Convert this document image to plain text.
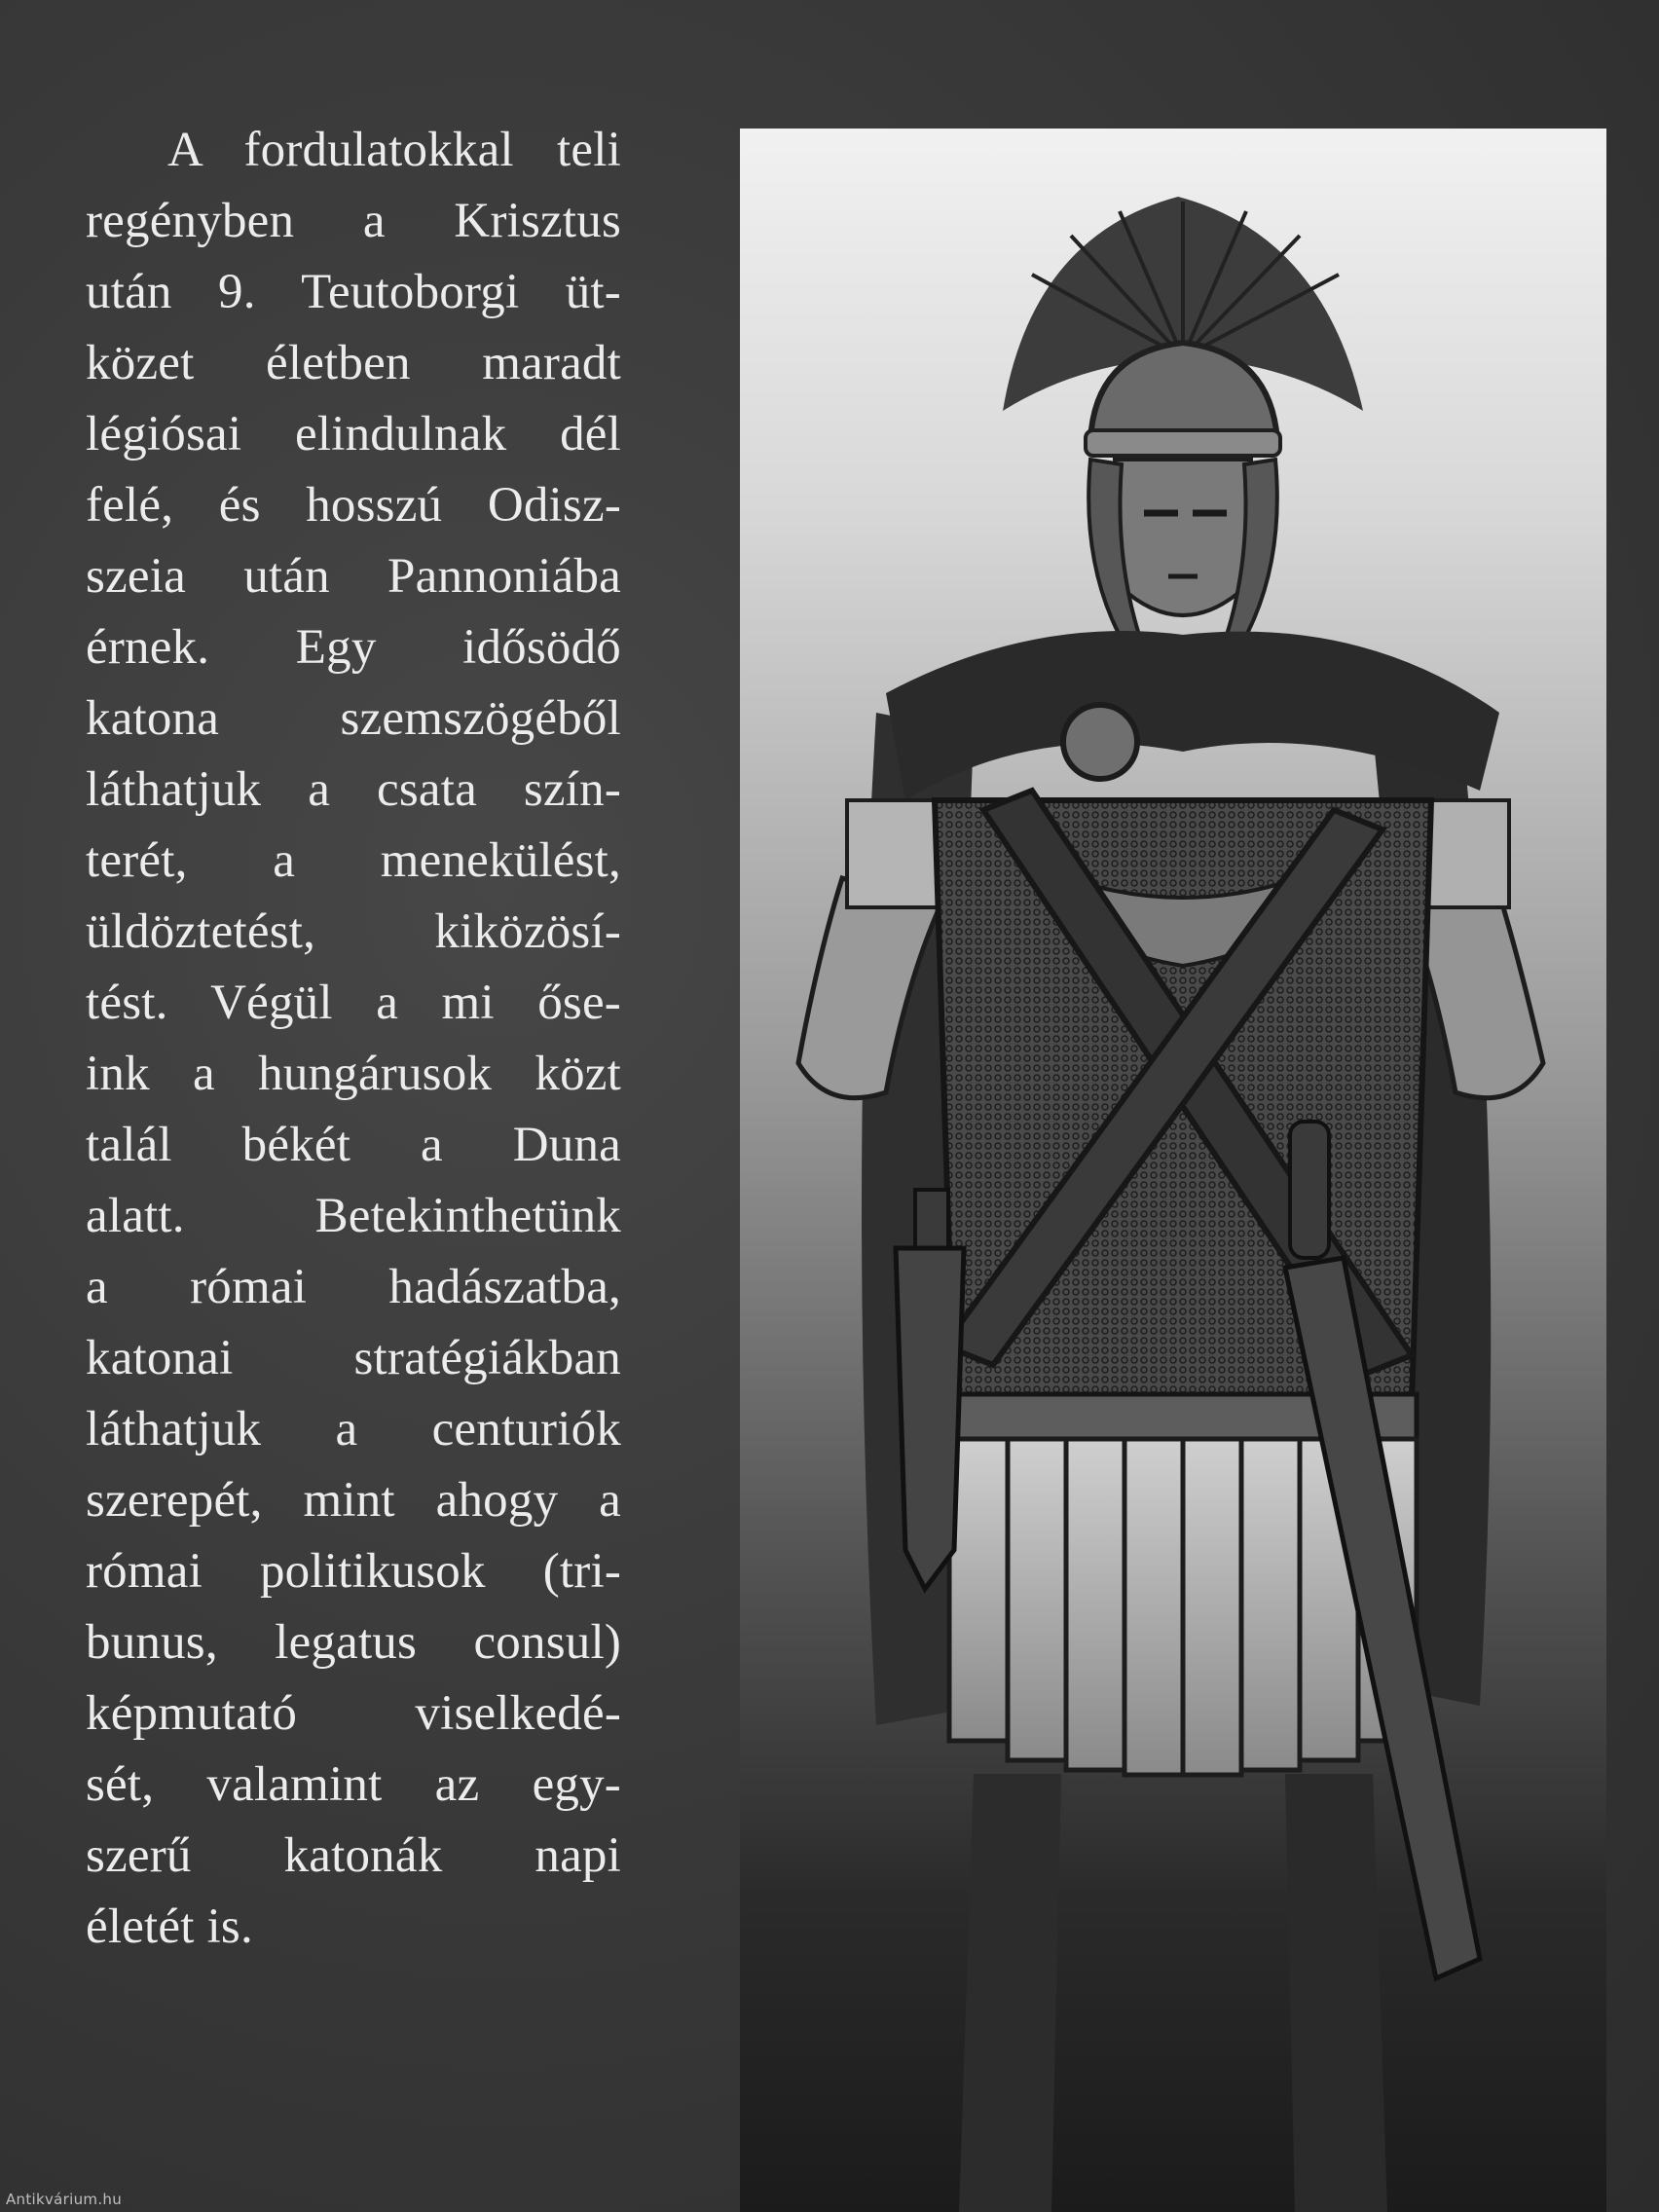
A fordulatokkal teli
regényben a Krisztus
után 9. Teutoborgi üt-
közet életben maradt
légiósai elindulnak dél
felé, és hosszú Odisz-
szeia után Pannoniába
érnek. Egy idősödő
katona szemszögéből
láthatjuk a csata szín-
terét, a menekülést,
üldöztetést, kiközösí-
tést. Végül a mi őse-
ink a hungárusok közt
talál békét a Duna
alatt. Betekinthetünk
a római hadászatba,
katonai stratégiákban
láthatjuk a centuriók
szerepét, mint ahogy a
római politikusok (tri-
bunus, legatus consul)
képmutató viselkedé-
sét, valamint az egy-
szerű katonák napi
életét is.

Antikvárium.hu
